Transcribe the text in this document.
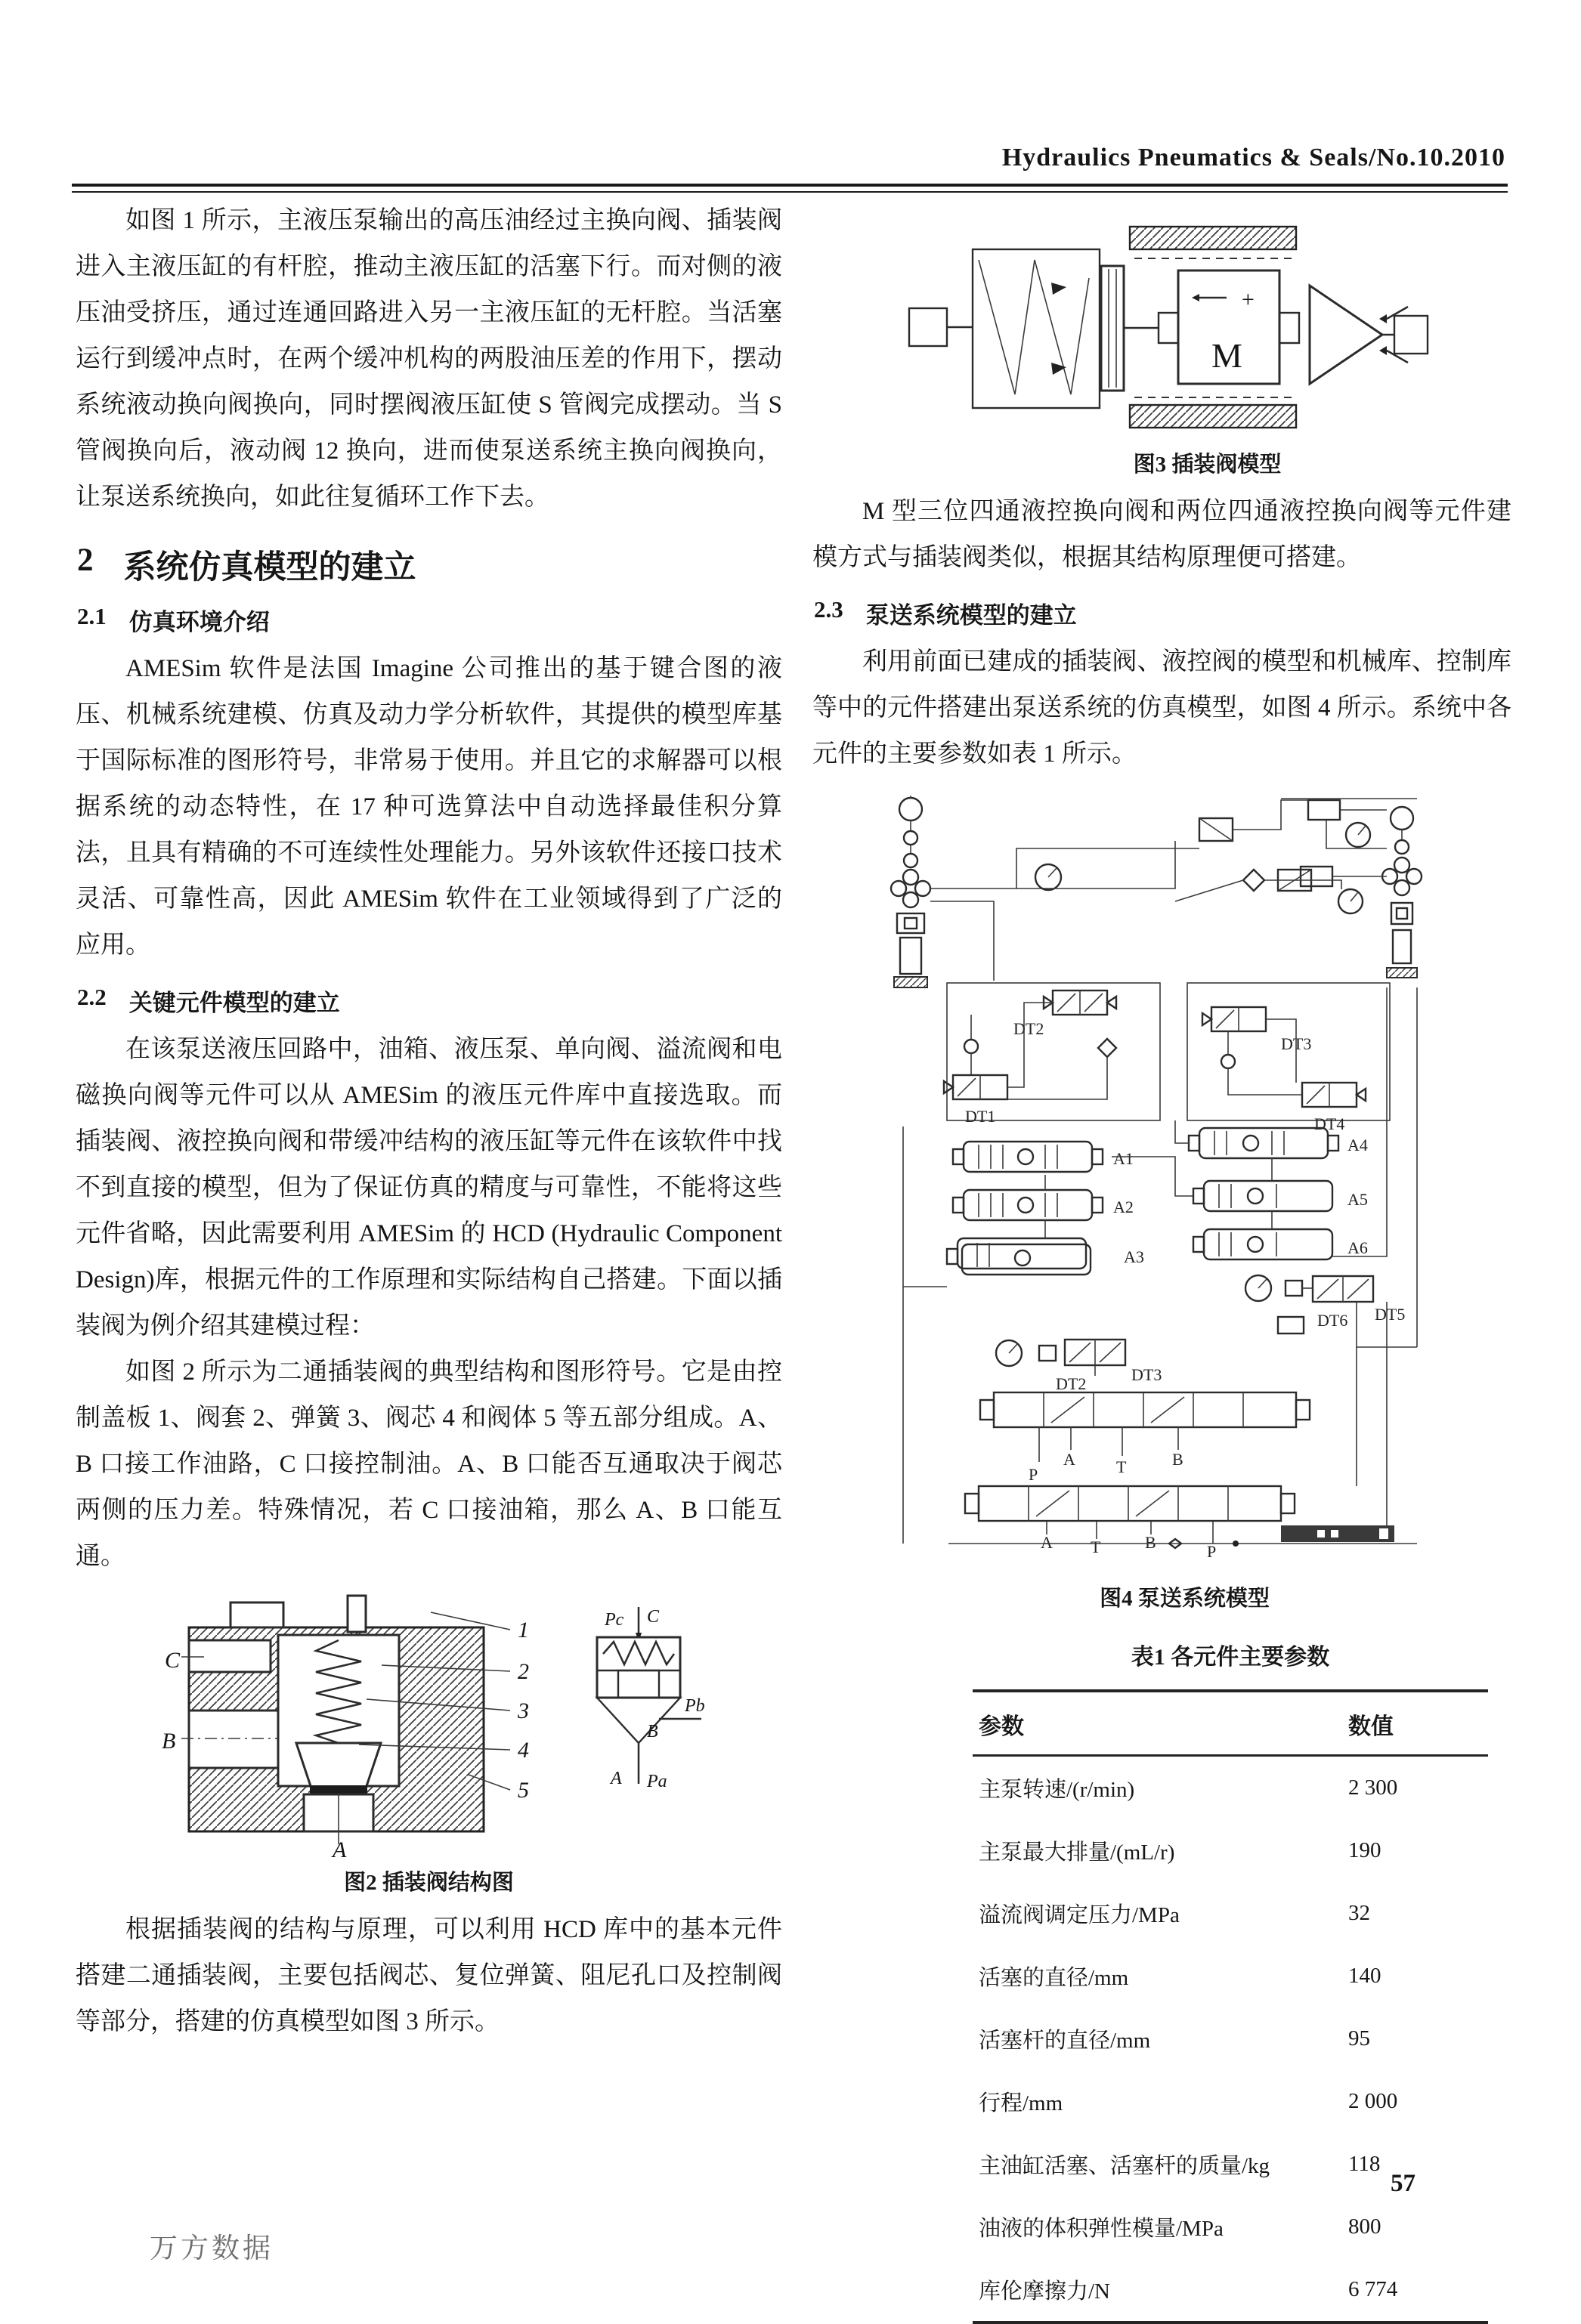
Hydraulics Pneumatics & Seals/No.10.2010

如图 1 所示，主液压泵输出的高压油经过主换向阀、插装阀进入主液压缸的有杆腔，推动主液压缸的活塞下行。而对侧的液压油受挤压，通过连通回路进入另一主液压缸的无杆腔。当活塞运行到缓冲点时，在两个缓冲机构的两股油压差的作用下，摆动系统液动换向阀换向，同时摆阀液压缸使 S 管阀完成摆动。当 S 管阀换向后，液动阀 12 换向，进而使泵送系统主换向阀换向，让泵送系统换向，如此往复循环工作下去。

2 系统仿真模型的建立
2.1 仿真环境介绍

AMESim 软件是法国 Imagine 公司推出的基于键合图的液压、机械系统建模、仿真及动力学分析软件，其提供的模型库基于国际标准的图形符号，非常易于使用。并且它的求解器可以根据系统的动态特性，在 17 种可选算法中自动选择最佳积分算法，且具有精确的不可连续性处理能力。另外该软件还接口技术灵活、可靠性高，因此 AMESim 软件在工业领域得到了广泛的应用。

2.2 关键元件模型的建立

在该泵送液压回路中，油箱、液压泵、单向阀、溢流阀和电磁换向阀等元件可以从 AMESim 的液压元件库中直接选取。而插装阀、液控换向阀和带缓冲结构的液压缸等元件在该软件中找不到直接的模型，但为了保证仿真的精度与可靠性，不能将这些元件省略，因此需要利用 AMESim 的 HCD (Hydraulic Component Design)库，根据元件的工作原理和实际结构自己搭建。下面以插装阀为例介绍其建模过程：

如图 2 所示为二通插装阀的典型结构和图形符号。它是由控制盖板 1、阀套 2、弹簧 3、阀芯 4 和阀体 5 等五部分组成。A、B 口接工作油路，C 口接控制油。A、B 口能否互通取决于阀芯两侧的压力差。特殊情况，若 C 口接油箱，那么 A、B 口能互通。

C
B
A
1
2
3
4
5
Pc C
Pb
B
A Pa
图2 插装阀结构图

根据插装阀的结构与原理，可以利用 HCD 库中的基本元件搭建二通插装阀，主要包括阀芯、复位弹簧、阻尼孔口及控制阀等部分，搭建的仿真模型如图 3 所示。

+
M
图3 插装阀模型

M 型三位四通液控换向阀和两位四通液控换向阀等元件建模方式与插装阀类似，根据其结构原理便可搭建。

2.3 泵送系统模型的建立

利用前面已建成的插装阀、液控阀的模型和机械库、控制库等中的元件搭建出泵送系统的仿真模型，如图 4 所示。系统中各元件的主要参数如表 1 所示。

DT2
DT1
DT3
DT4
A1
A2
A3
A4
A5
A6
DT6 DT5
DT2	DT3
P
A T	B
A T	B	P
图4 泵送系统模型
表1 各元件主要参数
参数	数值
主泵转速/(r/min)	2 300
主泵最大排量/(mL/r)	190
溢流阀调定压力/MPa	32
活塞的直径/mm	140
活塞杆的直径/mm	95
行程/mm	2 000
主油缸活塞、活塞杆的质量/kg	118
油液的体积弹性模量/MPa	800
库伦摩擦力/N	6 774
57
万方数据
